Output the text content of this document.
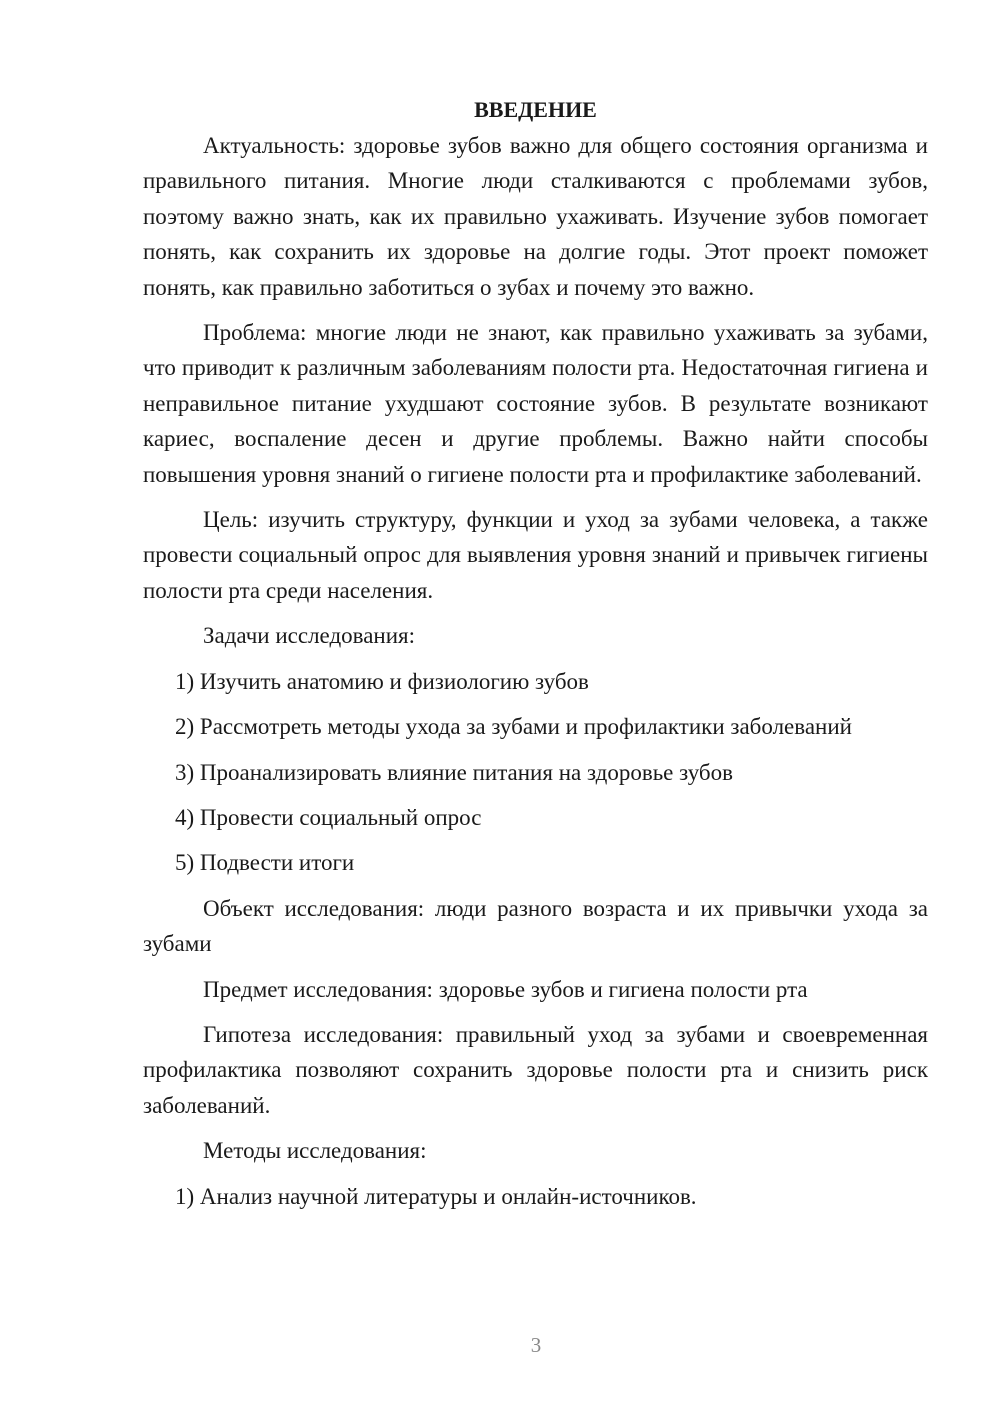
ВВЕДЕНИЕ

Актуальность: здоровье зубов важно для общего состояния организма и правильного питания. Многие люди сталкиваются с проблемами зубов, поэтому важно знать, как их правильно ухаживать. Изучение зубов помогает понять, как сохранить их здоровье на долгие годы. Этот проект поможет понять, как правильно заботиться о зубах и почему это важно.

Проблема: многие люди не знают, как правильно ухаживать за зубами, что приводит к различным заболеваниям полости рта. Недостаточная гигиена и неправильное питание ухудшают состояние зубов. В результате возникают кариес, воспаление десен и другие проблемы. Важно найти способы повышения уровня знаний о гигиене полости рта и профилактике заболеваний.

Цель: изучить структуру, функции и уход за зубами человека, а также провести социальный опрос для выявления уровня знаний и привычек гигиены полости рта среди населения.

Задачи исследования:

1) Изучить анатомию и физиологию зубов

2) Рассмотреть методы ухода за зубами и профилактики заболеваний

3) Проанализировать влияние питания на здоровье зубов

4) Провести социальный опрос

5) Подвести итоги

Объект исследования: люди разного возраста и их привычки ухода за зубами

Предмет исследования: здоровье зубов и гигиена полости рта

Гипотеза исследования: правильный уход за зубами и своевременная профилактика позволяют сохранить здоровье полости рта и снизить риск заболеваний.

Методы исследования:

1) Анализ научной литературы и онлайн-источников.

3
